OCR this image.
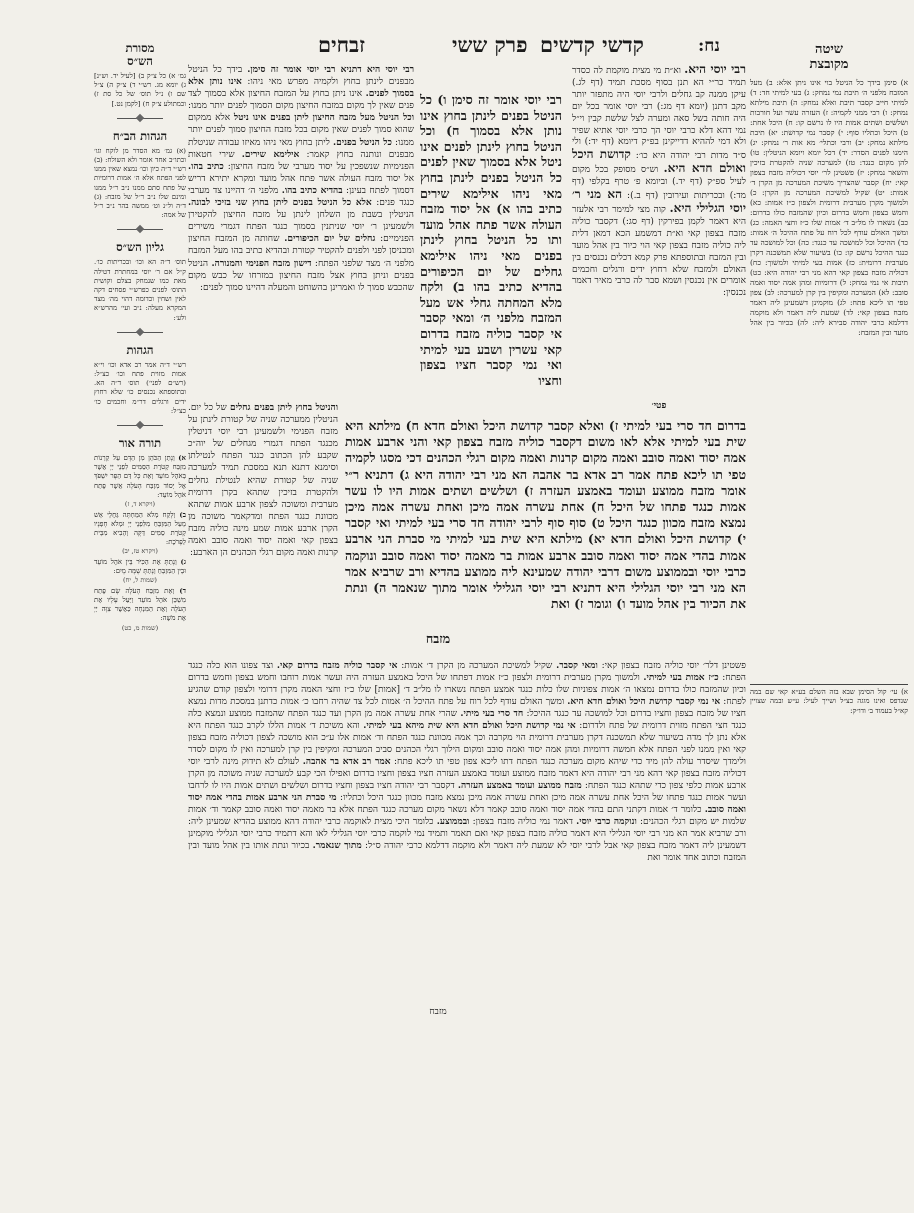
נח:
קדשי קדשים
פרק ששי
זבחים	שיטה
מקובצת
א) סימן בידך כל הניטל בוי אינו ניתן אלא: ב) מעל המזבח מלפני ה׳ תיבת נמי נמחק: ג) בעי למיתי חד: ד) למיתי חייב קסבר תיבת ואלא נמחק: ה) תיבת מילתא נמחק: ו) רבי ממני לקמיה: ז) העזרה עשר ועל חורבות ושלשים ושתים אמות היו לו נרשם קו: ח) היכל אחת: ט) היכל וכתליו סוף: י) קסבר נמי קדושת: יא) תיבת מילתא נמחק: יב) ורבי וכתלי׳ מא אות ר׳ נמחק: יג) הימנו לפנים הסדר: יד) דכל יומא ויומא הניטלין: טו) להן מקום כנגד: טז) למערכה שניה להקטרת בזיכין והשאר נמחק: יז) פשטינן לר׳ יוסי דכוליה מזבח בצפון קאי: יח) קסבר שהצריך משיכת המערכה מן הקרן ד׳ אמות: יט) שקיל למשיכת המערכה מן הקרן: כ) ולמשוך מקרן מערבית דרומית ולצפון כ״ז אמות: כא) וחמש בצפון וחמש בדרום וכיון שהמזבח כולו בדרום: כב) נשארו לו מל״ב ד׳ אמות שלו כ״ז וחצי האמה: כג) ומשך האולם עודף לכל רוח על פתח ההיכל ה׳ אמות: כד) ההיכל וכל למושכה עד כנגד: כה) וכל למושכה עד כנגד ההיכל נרשם קו: כו) בשיעור שלא תמשכנה דקרן מערבית דרומית: כז) אמות בעי למיתי ולמשוך: כח) דכוליה מזבח בצפון קאי דהא מני רבי יהודה היא: כט) תיבות אי נמי נמחק: ל) דרומיות ומהן אמה יסוד ואמה סובב: לא) המערכה ומקיפין בין קרן למערכה: לב) צפון טפי תו ליכא פתח: לג) מוקמינן דשמעינן ליה דאמר מזבח בצפון קאי: לד) שמעת ליה דאמר ולא מוקמה דדלמא כרבי יהודה סבירא ליה: לה) בכיור בין אהל מועד ובין המזבח:
א) עי׳ קול הסימן שבא בזה השלם בע״א קאי שם במה שנדפס ואינו מוגה כצ״ל ושייך לעיל: ע״ש ובמה שצויין קא״ל בעמוד ב׳ ודו״ק:
מסורת
הש״ס
גמ׳ א) כל צ״ק ב) [לעיל יד. וש״נ] ג) יומא מג. רש״י ד) צ״ק ה) צ״ל שם ו) נ״ל תוס׳ של כל סת ז) וכמתולע צ״ק ח) [לקמן נט.]
הגהות הב״ח
(א) גמ׳ מא הסדר מן לוקח וגו׳ וכתו״ב אחד אומר ולא השולח: (ב) רש״י ד״ה כיון וכו׳ נמצא שאין ממנו לפני הפתח אלא ה׳ אמות דרומיות של פתח סתם ממנו נ״ב ר״ל ממנו ומינם שלו נ״ב ר״ל של מזבח: (ג) ד״ה ול״נ וט׳ ממשה בהר נ״ב ר״ל של אמה:
גליון הש״ס
תוס׳ ד״ה הא וכו׳ ובכריתות כו׳. ק״ל אם ר׳ יוסי במחתרת דטילה מאת כמו שנמחק בצלם וקושית התוס׳ לפנים כפרש״י פסחים דקה לאין ושחין וכדומה דהוי מה׳ מצד המקרא מעלה: נ״ב ועי׳ מהרש״א ולע׳:
הגהות
רש״י ד״ה אמר רב אדא וכו׳ וי״א אמות מזוית פתח וכו׳ כצ״ל: (רש״ם לפני׳) תוס׳ ד״ה הא. ובתוספתא נכנסים כו׳ שלא רחוץ ידים ורגלים דר״מ וחכמים כו׳ כצ״ל:
תורה אור
א) וְנָתַן הַכֹּהֵן מִן הַדָּם עַל קַרְנוֹת מִזְבַּח קְטֹרֶת הַסַּמִּים לִפְנֵי יְיָ אֲשֶׁר בְּאֹהֶל מוֹעֵד וְאֵת כָּל דַּם הַפָּר יִשְׁפֹּךְ אֶל יְסוֹד מִזְבַּח הָעֹלָה אֲשֶׁר פֶּתַח אֹהֶל מוֹעֵד:
(ויקרא ד, ז)
ב) וְלָקַח מְלֹא הַמַּחְתָּה גַּחֲלֵי אֵשׁ מֵעַל הַמִּזְבֵּחַ מִלִּפְנֵי יְיָ וּמְלֹא חָפְנָיו קְטֹרֶת סַמִּים דַּקָּה וְהֵבִיא מִבֵּית לַפָּרֹכֶת:
(ויקרא טז, יב)
ג) וְנָתַתָּ אֶת הַכִּיֹּר בֵּין אֹהֶל מוֹעֵד וּבֵין הַמִּזְבֵּחַ וְנָתַתָּ שָׁמָּה מָיִם:
(שמות ל, יח)
ד) וְאֵת מִזְבַּח הָעֹלָה שָׂם פֶּתַח מִשְׁכַּן אֹהֶל מוֹעֵד וַיַּעַל עָלָיו אֶת הָעֹלָה וְאֶת הַמִּנְחָה כַּאֲשֶׁר צִוָּה יְיָ אֶת מֹשֶׁה:
(שמות מ, כט)
רבי יוסי היא דתניא רבי יוסי אומר זה סימן. בידך כל הניטל מבפנים לינתן בחוץ ולקמיה מפרש מאי ניהו: אינו נותן אלא בסמוך לפנים. אינו ניתן בחוץ על המזבח החיצון אלא בסמוך לצד פנים שאין לך מקום במזבח החיצון מקום הסמוך לפנים יותר ממנו: וכל הניטל מעל מזבח החיצון ליתן בפנים אינו ניטל אלא ממקום שהוא סמוך לפנים שאין מקום בכל מזבח החיצון סמוך לפנים יותר ממנו: כל הניטל בפנים. ליתן בחוץ מאי ניהו מאיזו עבודה שניטלת מבפנים ונותנה בחוץ קאמר: אילימא שירים. שירי חטאות הפנימיות שנשפכין על יסוד מערבי של מזבח החיצון: כתיב בהו. אל יסוד מזבח העולה אשר פתח אהל מועד ומקרא יתירא דריש דסמוך לפתח בעינן: בהדיא כתיב בהו. מלפני ה׳ דהיינו צד מערבי כנגד פנים: אלא כל הניטל בפנים ליתן בחוץ שני בזיכי לבונה. הניטלין בשבת מן השלחן לינתן על מזבח החיצון להקטירן ולשמעינן ר׳ יוסי שניתנין בסמוך כנגד הפתח דגמרי משירים הפנימיים: גחלים של יום הכיפורים. שחותה מן המזבח החיצון ומכניסן לפני ולפנים להקטיר קטורת ובהדיא כתיב בהו מעל המזבח מלפני ה׳ מצד שלפני הפתח: דישון מזבח הפנימי והמנורה. הניטל בפנים וניתן בחוץ אצל מזבח החיצון במזרחו של כבש מקום שהכבש סמוך לו ואמרינן בהשוחט והמעלה דהיינו סמוך לפנים:
והניטל בחוץ ליתן בפנים גחלים של כל יום. הניטלין ממערכה שניה של קטורת לינתן על מזבח הפנימי ולשמעינן רבי יוסי דניטלין מכנגד הפתח דגמרי מגחלים של יוה״כ שקבע להן הכתוב כנגד הפתח לנטילתן וסימנא דתנא תנא במסכת תמיד למערכה שניה של קטורת שהיא לנטילת גחלים ולהקטרת בזיכין שתהא בקרן דרומית מערבית ומשוכה לצפון ארבע אמות שתהא מכוונת כנגד הפתח ומדקאמר משוכה מן הקרן ארבע אמות שמע מינה כוליה מזבח בצפון קאי ואמה יסוד ואמה סובב ואמה קרנות ואמה מקום רגלי הכהנים הן הארבע:
רבי יוסי היא. וא״ת מי מצית מוקמת לה כסדר תמיד כר״י הא תנן בסוף מסכת תמיד (דף לג.) עיקן ממנה קב גחלים ולרבי יוסי היה מתפזר יותר מקב דתנן (יומא דף מג:) רבי יוסי אומר בכל יום היה חותה בשל סאה ומערה לצל שלשת קבין וי״ל נמי דהא דלא כרבי יוסי הך כרבי יוסי אתיא שפיר ולא דמי לההיא דדייקינן בפ״ק דיומא (דף יד:) ולי ס״ד מדות רבי יהודה היא כו׳: קדושת היכל ואולם חדא היא. וש״ס מסופק בכל מקום לעיל ספ״ק (דף יד.) וביומא פ׳ טרף בקלפי (דף מד:) ובכריתות ועירובין (דף ב.): הא מני ר׳ יוסי הגלילי היא. קוה מצי למימר רבי אלעזר היא דאמר לקמן בפירקין (דף סג:) דקסבר כוליה מזבח בצפון קאי וא״ת דמשמע הכא דמאן דלית ליה כוליה מזבח בצפון קאי הוי כיור בין אהל מועד ובין המזבח ובתוספתא פרק קמא דכלים נכנסים בין האולם ולמזבח שלא רחוץ ידים ורגלים וחכמים אומרים אין נכנסין ושמא סבר לה כרבי מאיר דאמר נכנסין:
פטי׳
רבי יוסי אומר זה סימן ו) כל הניטל בפנים לינתן בחוץ אינו נותן אלא בסמוך ח) וכל הניטל בחוץ לינתן לפנים אינו ניטל אלא בסמוך שאין לפנים כל הניטל בפנים לינתן בחוץ מאי ניהו אילימא שירים כתיב בהו א) אל יסוד מזבח העולה אשר פתח אהל מועד ותו כל הניטל בחוץ לינתן בפנים מאי ניהו אילימא גחלים של יום הכיפורים בהדיא כתיב בהו ב) ולקח מלא המחתה גחלי אש מעל המזבח מלפני ה׳ ומאי קסבר אי קסבר כוליה מזבח בדרום קאי עשרין ושבע בעי למיתי ואי נמי קסבר חציו בצפון וחציו
בדרום חד סרי בעי למיתי ז) ואלא קסבר קדושת היכל ואולם חדא ח) מילתא היא שית בעי למיתי אלא לאו משום דקסבר כוליה מזבח בצפון קאי והני ארבע אמות אמה יסוד ואמה סובב ואמה מקום קרנות ואמה מקום רגלי הכהנים דכי מסגו לקמיה טפי תו ליכא פתח אמר רב אדא בר אהבה הא מני רבי יהודה היא ג) דתניא ר״י אומר מזבח ממוצע ועומד באמצע העזרה ז) ושלשים ושתים אמות היו לו עשר אמות כנגד פתחו של היכל ח) אחת עשרה אמה מיכן ואחת עשרה אמה מיכן נמצא מזבח מכוון כנגד היכל ט) סוף סוף לרבי יהודה חד סרי בעי למיתי ואי קסבר י) קדושת היכל ואולם חדא יא) מילתא היא שית בעי למיתי מי סברת הני ארבע אמות בהדי אמה יסוד ואמה סובב ארבע אמות בר מאמה יסוד ואמה סובב ונוקמה כרבי יוסי ובממוצע משום דרבי יהודה שמעינא ליה ממוצע בהדיא ורב שרביא אמר הא מני רבי יוסי הגלילי היא דתניא רבי יוסי הגלילי אומר מתוך שנאמר ה) ונתת את הכיור בין אהל מועד ו) וגומר ז) ואת
מזבח
פשטינן דלר׳ יוסי כוליה מזבח בצפון קאי: ומאי קסבר. שקיל למשיכת המערכה מן הקרן ד׳ אמות: אי קסבר כוליה מזבח בדרום קאי. וצד צפונו הוא כלה כנגד הפתח: כ״ז אמות בעי למיתי. ולמשוך מקרן מערבית דרומית ולצפון כ״ז אמות דפתחו של היכל באמצע העזרה היה ועשר אמות רוחבו וחמש בצפון וחמש בדרום וכיון שהמזבח כולו בדרום נמצאו ה׳ אמות צפוניות שלו כלות כנגד אמצע הפתח נשארו לו מל״ב ד׳ [אמות] שלו כ״ז וחצי האמה מקרן דרומי ולצפון קודם שהגיע לפתח: אי נמי קסבר קדושת היכל ואולם חדא היא. ומשך האולם עודף לכל רוח על פתח ההיכל ה׳ אמות לכל צד שהיה רחבו כ׳ אמות כדתנן במסכת מדות נמצא חציו של מזבח בצפון וחציו בדרום וכל למושכה עד כנגד ההיכל: חד סרי בעי מיתי. שהרי אחת עשרה אמה מן הקרן ועד כנגד הפתח שהמזבח ממוצע ונמצא כלה כנגד חצי הפתח מזוית דרומית של פתח ולדרום: אי נמי קדושת היכל ואולם חדא היא שית מיהא בעי למיתי. והא משיכת ד׳ אמות הללו לקרב כנגד הפתח היא אלא נתן לך מדה בשיעור שלא תמשכנה דקרן מערבית דרומית הוי מקרבה וכך אמה מכוונת כנגד הפתח וד׳ אמות אלו ע״כ הוא מושכה לצפון דכוליה מזבח בצפון קאי ואין ממנו לפני הפתח אלא חמשה דרומיות ומהן אמה יסוד ואמה סובב ומקום הילוך רגלי הכהנים סביב המערכה ומקיפין בין קרן למערכה ואין לו מקום לסדר ולימדך שיסדר עולה להן מיד כדי שיהא מקום מערכה כנגד הפתח דתו ליכא צפון טפי תו ליכא פתח: אמר רב אדא בר אהבה. לעולם לא תידוק מינה לרבי יוסי דכוליה מזבח בצפון קאי דהא מני רבי יהודה היא דאמר מזבח ממוצע ועומד באמצע העזרה חציו בצפון וחציו בדרום ואפילו הכי קבע למערכה שניה משוכה מן הקרן ארבע אמות כלפי צפון כדי שתהא כנגד הפתח: מזבח ממוצע ועומד באמצע העזרה. דקסבר רבי יהודה חציו בצפון וחציו בדרום ושלשים ושתים אמות היו לו לרחבו ועשר אמות כנגד פתחו של היכל אחת עשרה אמה מיכן ואחת עשרה אמה מיכן נמצא מזבח מכוון כנגד היכל וכתליו: מי סברת הני ארבע אמות בהדי אמה יסוד ואמה סובב. כלומר ד׳ אמות דקתני התם בהדי אמה יסוד ואמה סובב קאמר דלא נשאר מקום מערכה כנגד הפתח אלא בר מאמה יסוד ואמה סובב קאמר וד׳ אמות שלמות יש מקום רגלי הכהנים: ונוקמה כרבי יוסי. דאמר נמי כוליה מזבח בצפון: ובממוצע. כלומר היכי מצית לאוקמה כרבי יהודה דהא ממוצע בהדיא שמעינן ליה: ורב שרביא אמר הא מני רבי יוסי הגלילי היא דאמר כוליה מזבח בצפון קאי ואם תאמר ותמיד נמי לוקמה כרבי יוסי הגלילי לאו והא דתמיד כרבי יוסי הגלילי מוקמינן דשמעינן ליה דאמר מזבח בצפון קאי אבל לרבי יוסי לא שמעת ליה דאמר ולא מוקמה דדלמא כרבי יהודה ס״ל: מתוך שנאמר. בכיור ונתת אותו בין אהל מועד ובין המזבח וכתוב אחד אומר ואת
מזבח
